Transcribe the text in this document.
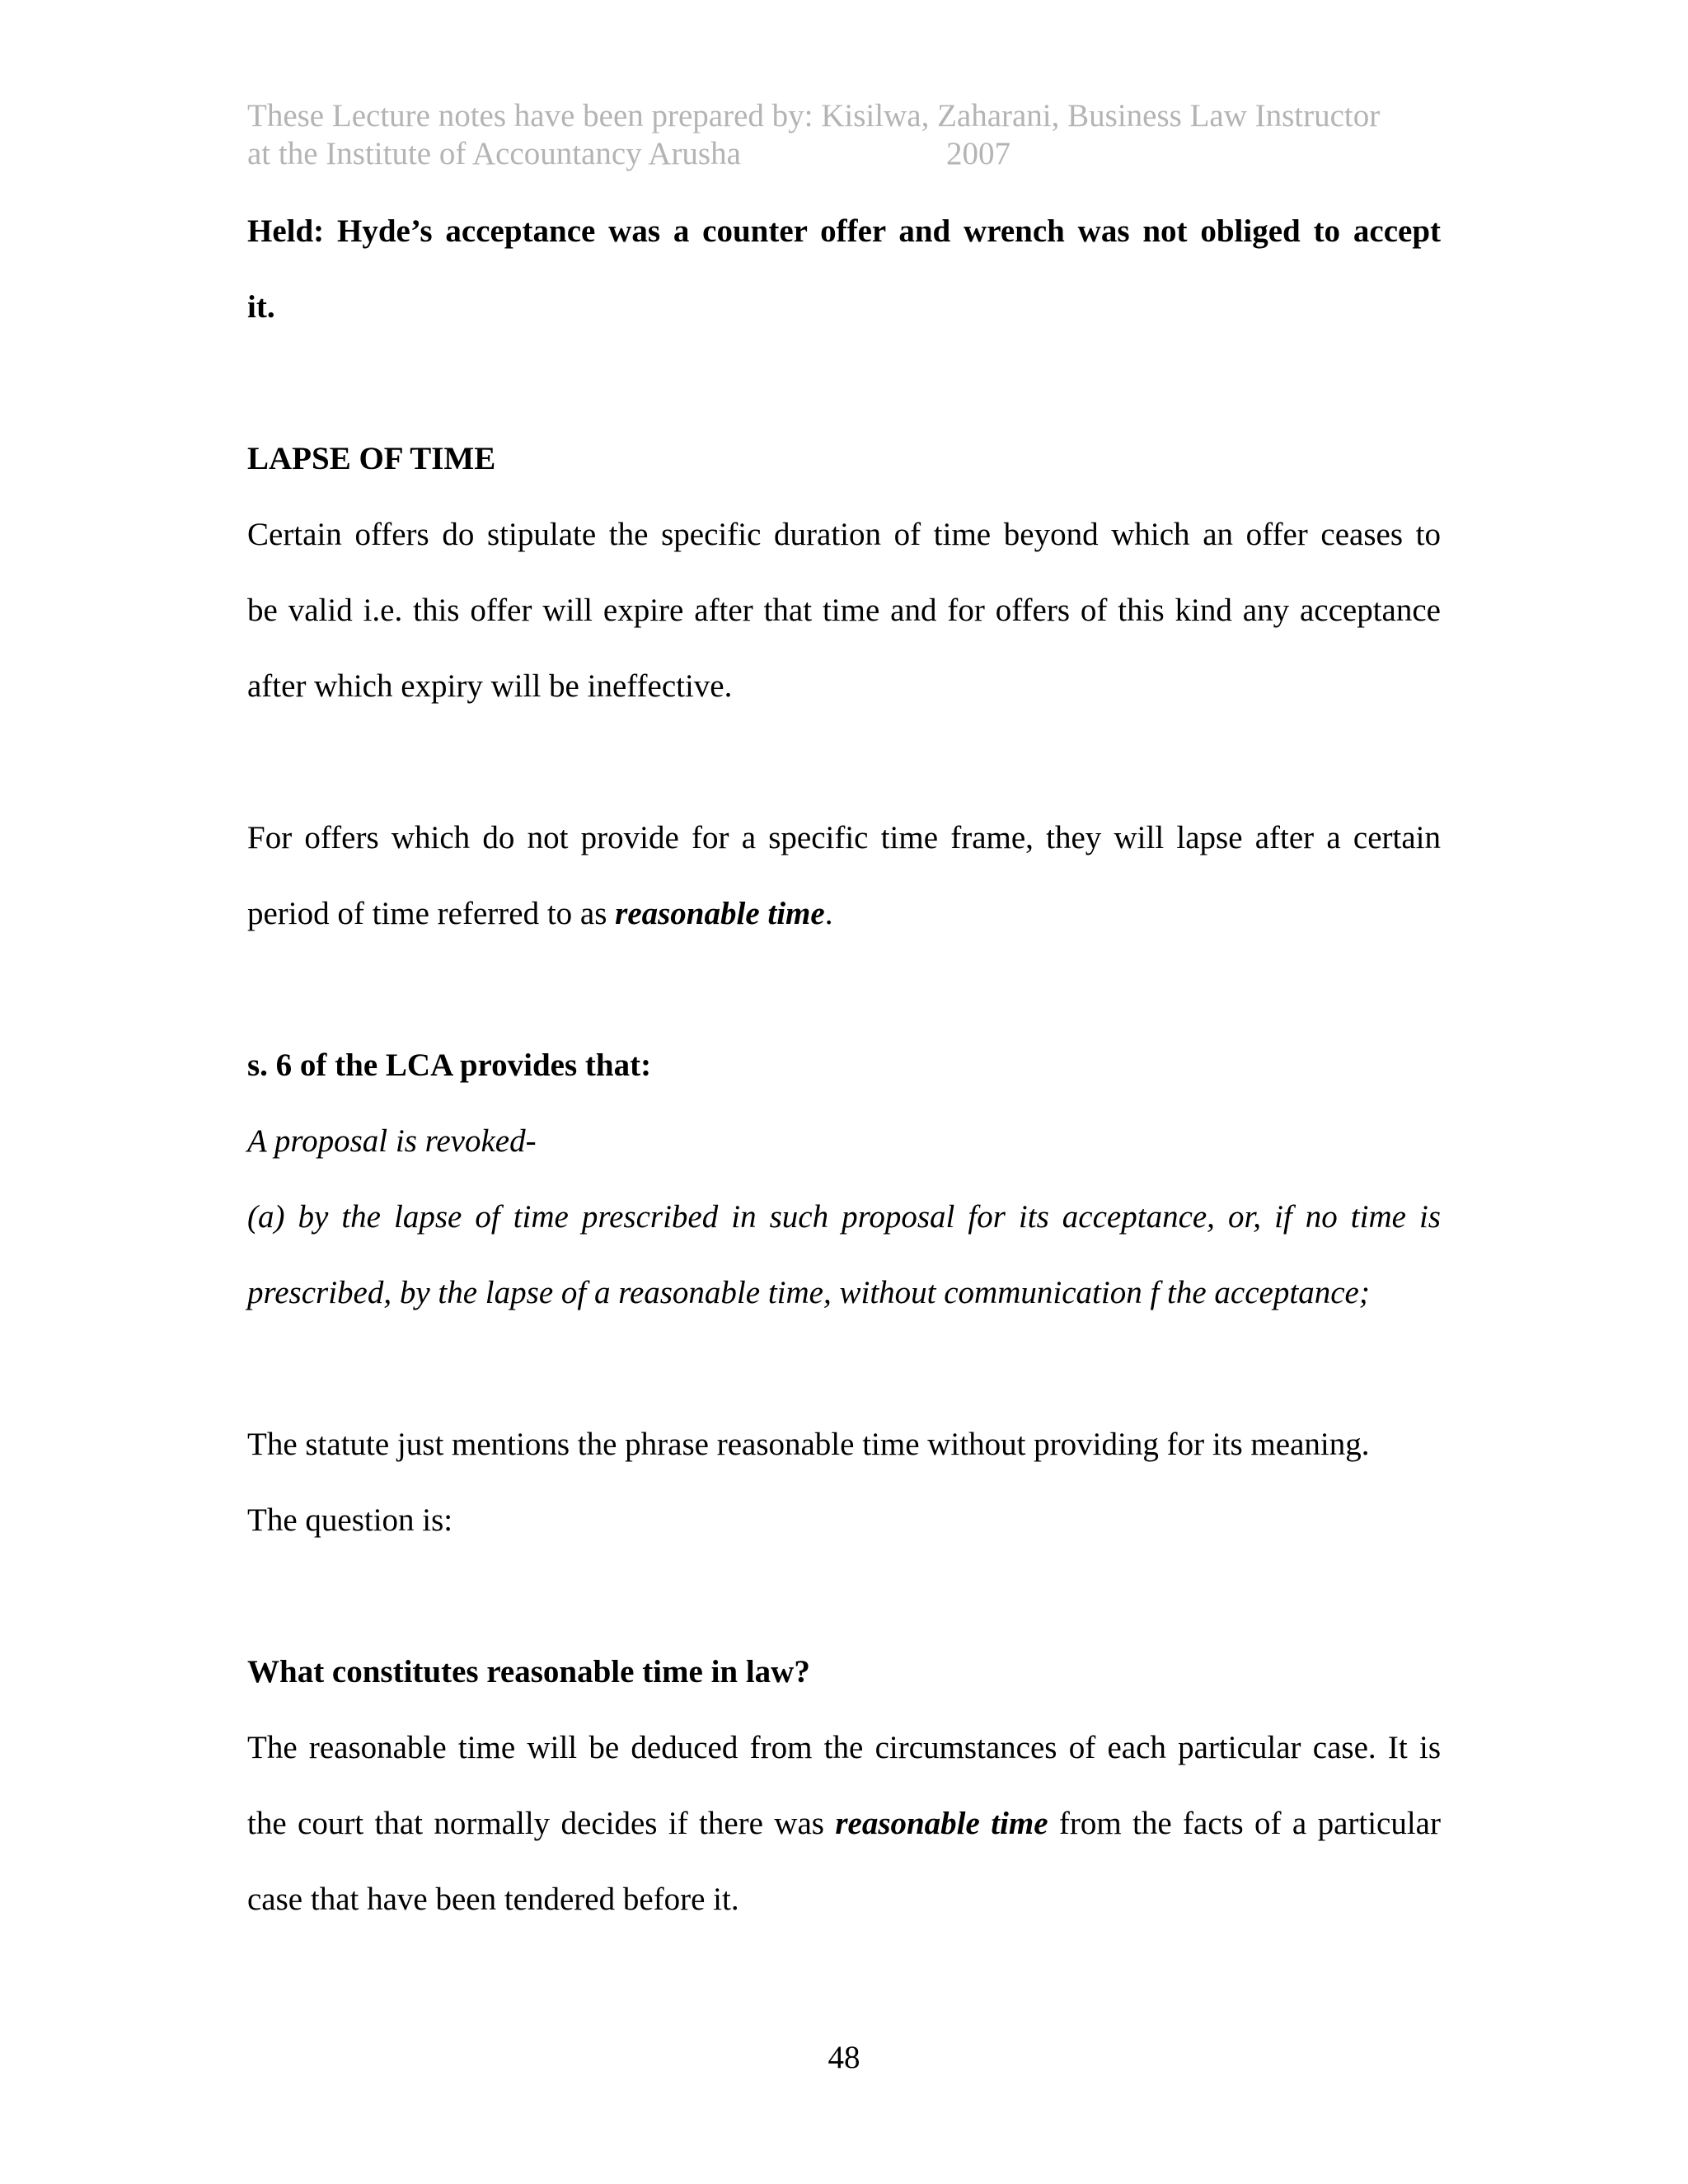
These Lecture notes have been prepared by: Kisilwa, Zaharani, Business Law Instructor
at the Institute of Accountancy Arusha	2007
Held: Hyde’s acceptance was a counter offer and wrench was not obliged to accept
it.
LAPSE OF TIME
Certain offers do stipulate the specific duration of time beyond which an offer ceases to
be valid i.e. this offer will expire after that time and for offers of this kind any acceptance
after which expiry will be ineffective.
For offers which do not provide for a specific time frame, they will lapse after a certain
period of time referred to as reasonable time.
s. 6 of the LCA provides that:
A proposal is revoked-
(a) by the lapse of time prescribed in such proposal for its acceptance, or, if no time is
prescribed, by the lapse of a reasonable time, without communication f the acceptance;
The statute just mentions the phrase reasonable time without providing for its meaning.
The question is:
What constitutes reasonable time in law?
The reasonable time will be deduced from the circumstances of each particular case. It is
the court that normally decides if there was reasonable time from the facts of a particular
case that have been tendered before it.
48
